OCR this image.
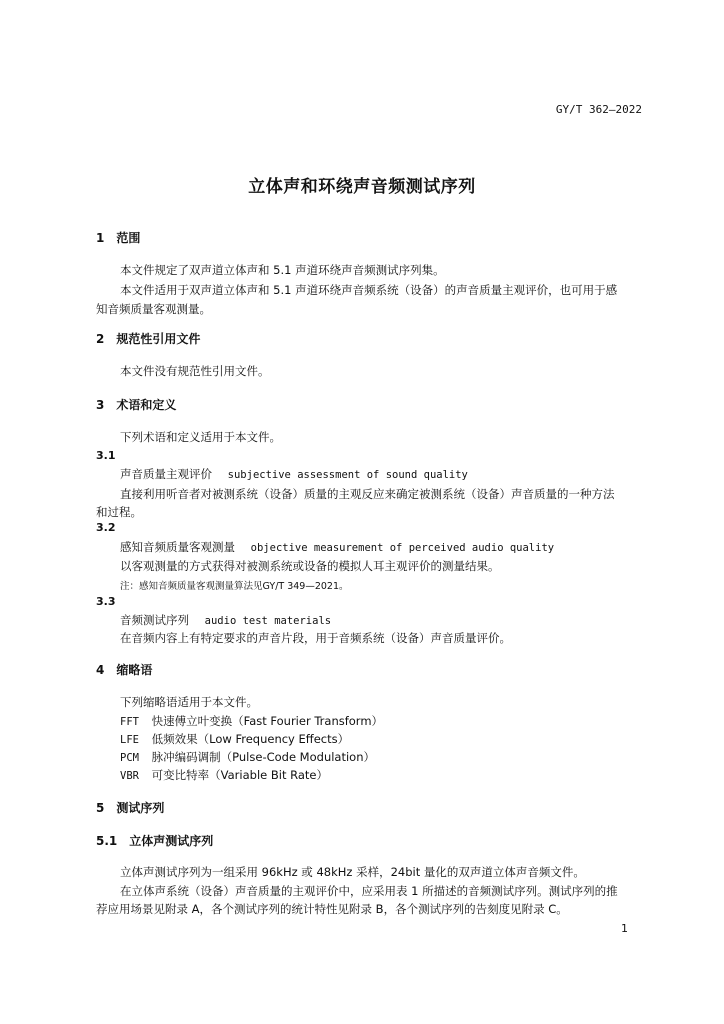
GY/T 362—2022
立体声和环绕声音频测试序列
1　范围
本文件规定了双声道立体声和 5.1 声道环绕声音频测试序列集。
本文件适用于双声道立体声和 5.1 声道环绕声音频系统（设备）的声音质量主观评价，也可用于感
知音频质量客观测量。
2　规范性引用文件
本文件没有规范性引用文件。
3　术语和定义
下列术语和定义适用于本文件。
3.1
声音质量主观评价 subjective assessment of sound quality
直接利用听音者对被测系统（设备）质量的主观反应来确定被测系统（设备）声音质量的一种方法
和过程。
3.2
感知音频质量客观测量 objective measurement of perceived audio quality
以客观测量的方式获得对被测系统或设备的模拟人耳主观评价的测量结果。
注：感知音频质量客观测量算法见GY/T 349—2021。
3.3
音频测试序列 audio test materials
在音频内容上有特定要求的声音片段，用于音频系统（设备）声音质量评价。
4　缩略语
下列缩略语适用于本文件。
FFT 快速傅立叶变换（Fast Fourier Transform）
LFE 低频效果（Low Frequency Effects）
PCM 脉冲编码调制（Pulse-Code Modulation）
VBR 可变比特率（Variable Bit Rate）
5　测试序列
5.1　立体声测试序列
立体声测试序列为一组采用 96kHz 或 48kHz 采样，24bit 量化的双声道立体声音频文件。
在立体声系统（设备）声音质量的主观评价中，应采用表 1 所描述的音频测试序列。测试序列的推
荐应用场景见附录 A，各个测试序列的统计特性见附录 B，各个测试序列的告刻度见附录 C。
1
